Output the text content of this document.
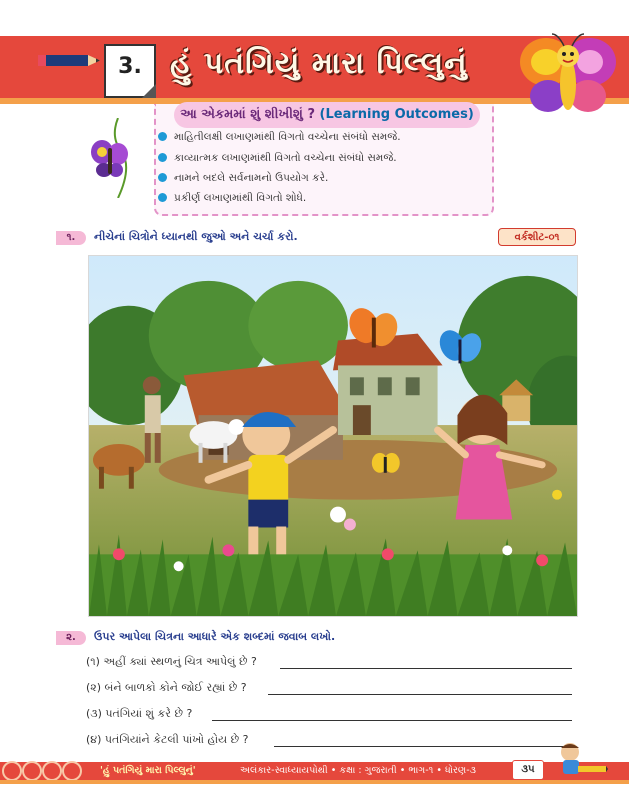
3. હું પતંગિયું મારા પિલ્લુનું
આ એકમમાં શું શીખીશું ? (Learning Outcomes)
માહિતીલક્ષી લખાણમાંથી વિગતો વચ્ચેના સંબંધો સમજે.
કાવ્યાત્મક લખાણમાંથી વિગતો વચ્ચેના સંબંધો સમજે.
નામને બદલે સર્વનામનો ઉપયોગ કરે.
પ્રકીર્ણ લખાણમાંથી વિગતો શોધે.
૧. નીચેનાં ચિત્રોને ધ્યાનથી જુઓ અને ચર્ચા કરો.	વર્કશીટ-૦૧
૨. ઉપર આપેલા ચિત્રના આધારે એક શબ્દમાં જવાબ લખો.
(૧) અહીં ક્યાં સ્થળનું ચિત્ર આપેલું છે ?
(૨) બંને બાળકો કોને જોઈ રહ્યાં છે ?
(૩) પતંગિયાં શું કરે છે ?
(૪) પતંગિયાંને કેટલી પાંખો હોય છે ?
'હું પતંગિયું મારા પિલ્લુનું'	અલંકાર-સ્વાધ્યાયપોથી • કક્ષા : ગુજરાતી • ભાગ-૧ • ધોરણ-૩	૩૫
